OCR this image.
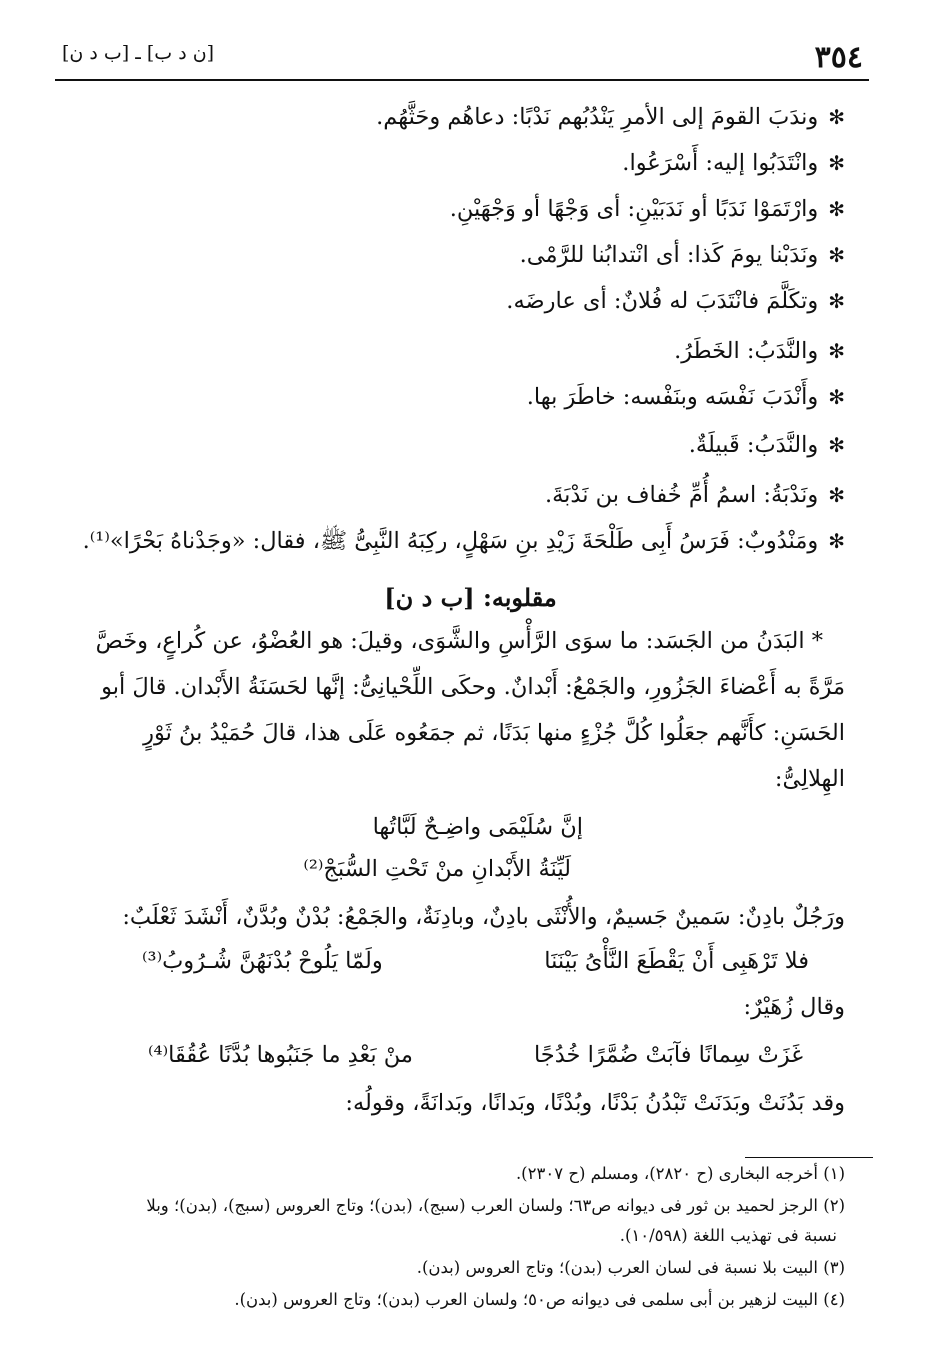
٣٥٤
[ن د ب] ـ [ب د ن]
✻وندَبَ القومَ إلى الأمرِ يَنْدُبُهم نَدْبًا: دعاهُم وحَثَّهُم.
✻وانْتَدَبُوا إليه: أَسْرَعُوا.
✻وارْتَمَوْا نَدَبًا أو نَدَبَيْنِ: أى وَجْهًا أو وَجْهَيْنِ.
✻ونَدَبْنا يومَ كَذا: أى انْتدابُنا للرَّمْى.
✻وتكَلَّمَ فانْتَدَبَ له فُلانٌ: أى عارضَه.
✻والنَّدَبُ: الخَطَرُ.
✻وأَنْدَبَ نَفْسَه وبنَفْسه: خاطَرَ بها.
✻والنَّدَبُ: قَبيلَةٌ.
✻ونَدْبَةُ: اسمُ أُمِّ خُفاف بن نَدْبَةَ.
✻ومَنْدُوبٌ: فَرَسُ أَبِى طَلْحَةَ زَيْدِ بنِ سَهْلٍ، ركِبَهُ النَّبِىُّ ﷺ، فقال: «وجَدْناهُ بَحْرًا»⁽¹⁾.
مقلوبه: [ب د ن]
* البَدَنُ من الجَسَد: ما سوَى الرَّأْسِ والشَّوَى، وقيلَ: هو العُضْوُ، عن كُراعٍ، وخَصَّ
مَرَّةً به أَعْضاءَ الجَزُورِ، والجَمْعُ: أَبْدانٌ. وحكَى اللِّحْيانِىُّ: إنَّها لحَسَنَةُ الأَبْدان. قالَ أبو
الحَسَنِ: كأَنَّهم جعَلُوا كُلَّ جُزْءٍ منها بَدَنًا، ثم جمَعُوه عَلَى هذا، قالَ حُمَيْدُ بنُ ثَوْرٍ
الهِلالِىُّ:
إنَّ سُلَيْمَى واضِـحٌ لَبَّاتُها
لَيِّنَةُ الأَبْدانِ منْ تَحْتِ السُّبَجْ⁽²⁾
ورَجُلٌ بادِنٌ: سَمينٌ جَسيمٌ، والأُنْثَى بادِنٌ، وبادِنَةٌ، والجَمْعُ: بُدْنٌ وبُدَّنٌ، أَنْشَدَ ثَعْلَبٌ:
فلا تَرْهَبِى أَنْ يَقْطَعَ النَّأْىُ بَيْنَنَا
ولَمّا يَلُوحْ بُدْنَهُنَّ شُـرُوبُ⁽³⁾
وقال زُهَيْرٌ:
غَزَتْ سِمانًا فآبَتْ ضُمَّرًا خُدُجًا
منْ بَعْدِ ما جَنَبُوها بُدَّنًا عُقُقَا⁽⁴⁾
وقد بَدُنَتْ وبَدَنَتْ تَبْدُنُ بَدْنًا، وبُدْنًا، وبَدانًا، وبَدانَةً، وقولُه:
(١) أخرجه البخارى (ح ٢٨٢٠)، ومسلم (ح ٢٣٠٧).
(٢) الرجز لحميد بن ثور فى ديوانه ص٦٣؛ ولسان العرب (سبج)، (بدن)؛ وتاج العروس (سبج)، (بدن)؛ وبلا
نسبة فى تهذيب اللغة (١٠/٥٩٨).
(٣) البيت بلا نسبة فى لسان العرب (بدن)؛ وتاج العروس (بدن).
(٤) البيت لزهير بن أبى سلمى فى ديوانه ص٥٠؛ ولسان العرب (بدن)؛ وتاج العروس (بدن).
